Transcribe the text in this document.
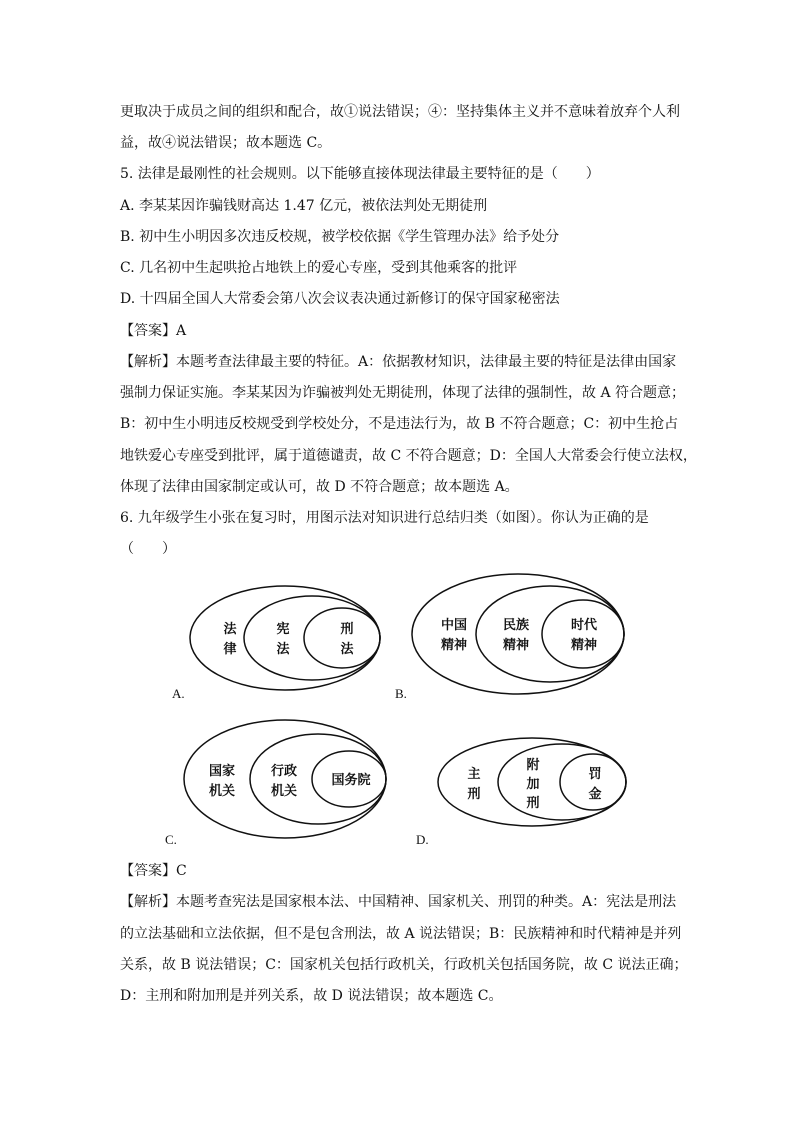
更取决于成员之间的组织和配合，故①说法错误；④：坚持集体主义并不意味着放弃个人利
益，故④说法错误；故本题选 C。
5. 法律是最刚性的社会规则。以下能够直接体现法律最主要特征的是（　　）
A. 李某某因诈骗钱财高达 1.47 亿元，被依法判处无期徒刑
B. 初中生小明因多次违反校规，被学校依据《学生管理办法》给予处分
C. 几名初中生起哄抢占地铁上的爱心专座，受到其他乘客的批评
D. 十四届全国人大常委会第八次会议表决通过新修订的保守国家秘密法
【答案】A
【解析】本题考查法律最主要的特征。A：依据教材知识，法律最主要的特征是法律由国家
强制力保证实施。李某某因为诈骗被判处无期徒刑，体现了法律的强制性，故 A 符合题意；
B：初中生小明违反校规受到学校处分，不是违法行为，故 B 不符合题意；C：初中生抢占
地铁爱心专座受到批评，属于道德谴责，故 C 不符合题意；D：全国人大常委会行使立法权，
体现了法律由国家制定或认可，故 D 不符合题意；故本题选 A。
6. 九年级学生小张在复习时，用图示法对知识进行总结归类（如图）。你认为正确的是
（　　）
法
律
宪
法
刑
法
A.
中国
精神
民族
精神
时代
精神
B.
国家
机关
行政
机关
国务院
C.
主
刑
附
加
刑
罚
金
D.
【答案】C
【解析】本题考查宪法是国家根本法、中国精神、国家机关、刑罚的种类。A：宪法是刑法
的立法基础和立法依据，但不是包含刑法，故 A 说法错误；B：民族精神和时代精神是并列
关系，故 B 说法错误；C：国家机关包括行政机关，行政机关包括国务院，故 C 说法正确；
D：主刑和附加刑是并列关系，故 D 说法错误；故本题选 C。
